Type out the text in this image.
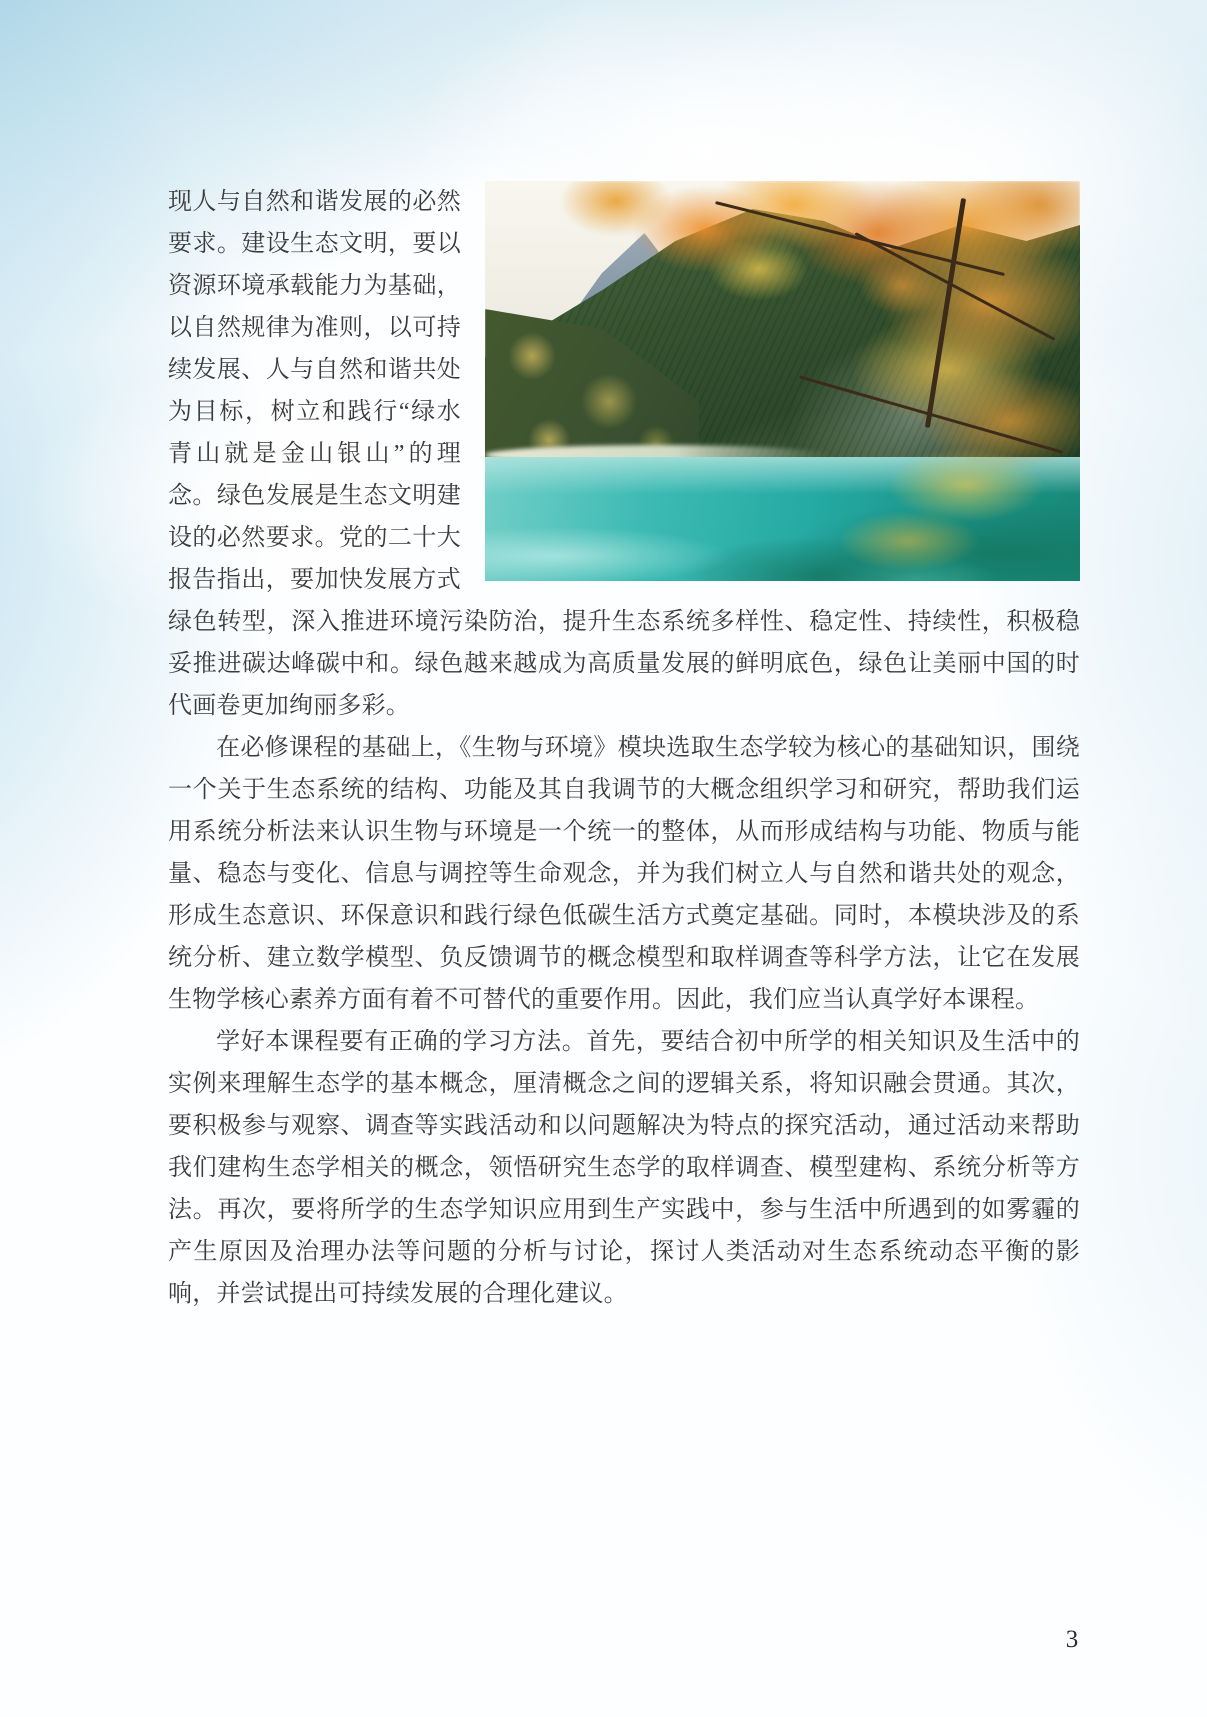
现人与自然和谐发展的必然要求。建设生态文明，要以资源环境承载能力为基础，以自然规律为准则，以可持续发展、人与自然和谐共处为目标，树立和践行“绿水青山就是金山银山”的理念。绿色发展是生态文明建设的必然要求。党的二十大报告指出，要加快发展方式绿色转型，深入推进环境污染防治，提升生态系统多样性、稳定性、持续性，积极稳妥推进碳达峰碳中和。绿色越来越成为高质量发展的鲜明底色，绿色让美丽中国的时代画卷更加绚丽多彩。

在必修课程的基础上，《生物与环境》模块选取生态学较为核心的基础知识，围绕一个关于生态系统的结构、功能及其自我调节的大概念组织学习和研究，帮助我们运用系统分析法来认识生物与环境是一个统一的整体，从而形成结构与功能、物质与能量、稳态与变化、信息与调控等生命观念，并为我们树立人与自然和谐共处的观念，形成生态意识、环保意识和践行绿色低碳生活方式奠定基础。同时，本模块涉及的系统分析、建立数学模型、负反馈调节的概念模型和取样调查等科学方法，让它在发展生物学核心素养方面有着不可替代的重要作用。因此，我们应当认真学好本课程。

学好本课程要有正确的学习方法。首先，要结合初中所学的相关知识及生活中的实例来理解生态学的基本概念，厘清概念之间的逻辑关系，将知识融会贯通。其次，要积极参与观察、调查等实践活动和以问题解决为特点的探究活动，通过活动来帮助我们建构生态学相关的概念，领悟研究生态学的取样调查、模型建构、系统分析等方法。再次，要将所学的生态学知识应用到生产实践中，参与生活中所遇到的如雾霾的产生原因及治理办法等问题的分析与讨论，探讨人类活动对生态系统动态平衡的影响，并尝试提出可持续发展的合理化建议。

3
